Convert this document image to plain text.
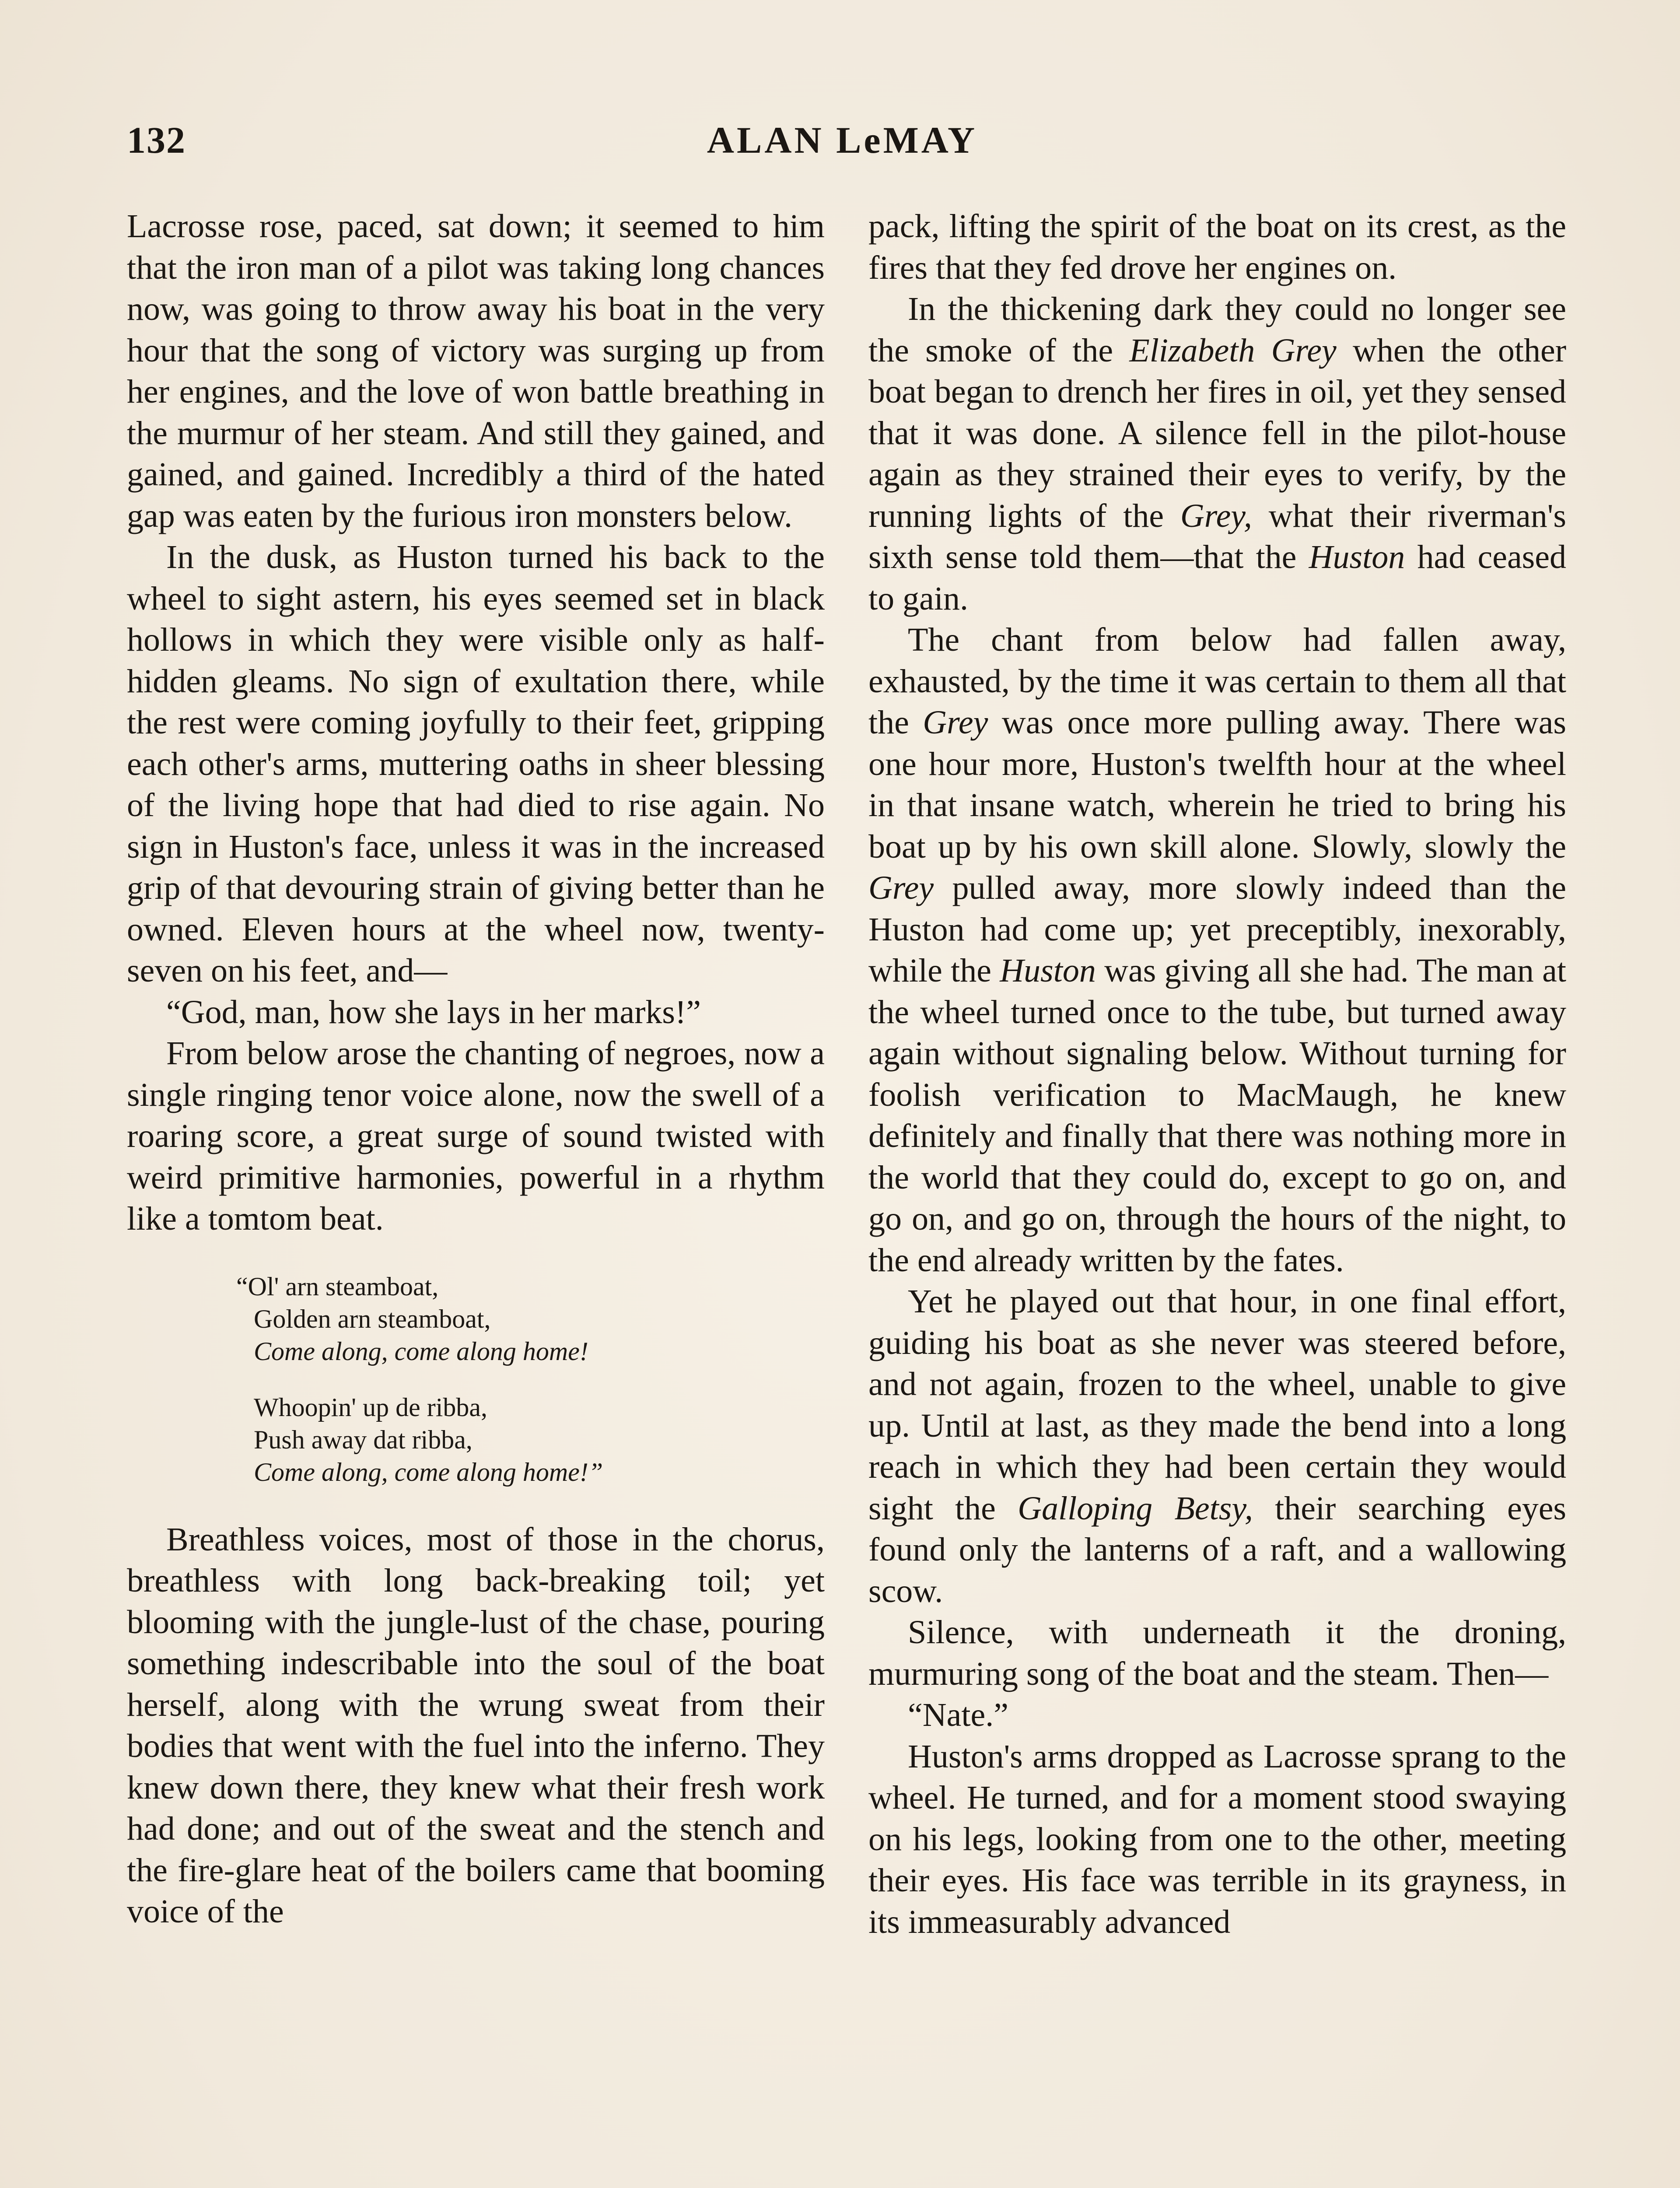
132	ALAN LeMAY

Lacrosse rose, paced, sat down; it seemed to him that the iron man of a pilot was taking long chances now, was going to throw away his boat in the very hour that the song of victory was surging up from her engines, and the love of won battle breathing in the murmur of her steam. And still they gained, and gained, and gained. Incredibly a third of the hated gap was eaten by the furious iron monsters below.

In the dusk, as Huston turned his back to the wheel to sight astern, his eyes seemed set in black hollows in which they were visible only as half-hidden gleams. No sign of exultation there, while the rest were coming joyfully to their feet, gripping each other's arms, muttering oaths in sheer blessing of the living hope that had died to rise again. No sign in Huston's face, unless it was in the increased grip of that devouring strain of giving better than he owned. Eleven hours at the wheel now, twenty-seven on his feet, and—

“God, man, how she lays in her marks!”

From below arose the chanting of negroes, now a single ringing tenor voice alone, now the swell of a roaring score, a great surge of sound twisted with weird primitive harmonies, powerful in a rhythm like a tomtom beat.

“Ol' arn steamboat,
Golden arn steamboat,
Come along, come along home!
Whoopin' up de ribba,
Push away dat ribba,
Come along, come along home!”

Breathless voices, most of those in the chorus, breathless with long back-breaking toil; yet blooming with the jungle-lust of the chase, pouring something indescribable into the soul of the boat herself, along with the wrung sweat from their bodies that went with the fuel into the inferno. They knew down there, they knew what their fresh work had done; and out of the sweat and the stench and the fire-glare heat of the boilers came that booming voice of the

pack, lifting the spirit of the boat on its crest, as the fires that they fed drove her engines on.

In the thickening dark they could no longer see the smoke of the Elizabeth Grey when the other boat began to drench her fires in oil, yet they sensed that it was done. A silence fell in the pilot-house again as they strained their eyes to verify, by the running lights of the Grey, what their riverman's sixth sense told them—that the Huston had ceased to gain.

The chant from below had fallen away, exhausted, by the time it was certain to them all that the Grey was once more pulling away. There was one hour more, Huston's twelfth hour at the wheel in that insane watch, wherein he tried to bring his boat up by his own skill alone. Slowly, slowly the Grey pulled away, more slowly indeed than the Huston had come up; yet preceptibly, inexorably, while the Huston was giving all she had. The man at the wheel turned once to the tube, but turned away again without signaling below. Without turning for foolish verification to MacMaugh, he knew definitely and finally that there was nothing more in the world that they could do, except to go on, and go on, and go on, through the hours of the night, to the end already written by the fates.

Yet he played out that hour, in one final effort, guiding his boat as she never was steered before, and not again, frozen to the wheel, unable to give up. Until at last, as they made the bend into a long reach in which they had been certain they would sight the Galloping Betsy, their searching eyes found only the lanterns of a raft, and a wallowing scow.

Silence, with underneath it the droning, murmuring song of the boat and the steam. Then—

“Nate.”

Huston's arms dropped as Lacrosse sprang to the wheel. He turned, and for a moment stood swaying on his legs, looking from one to the other, meeting their eyes. His face was terrible in its grayness, in its immeasurably advanced
